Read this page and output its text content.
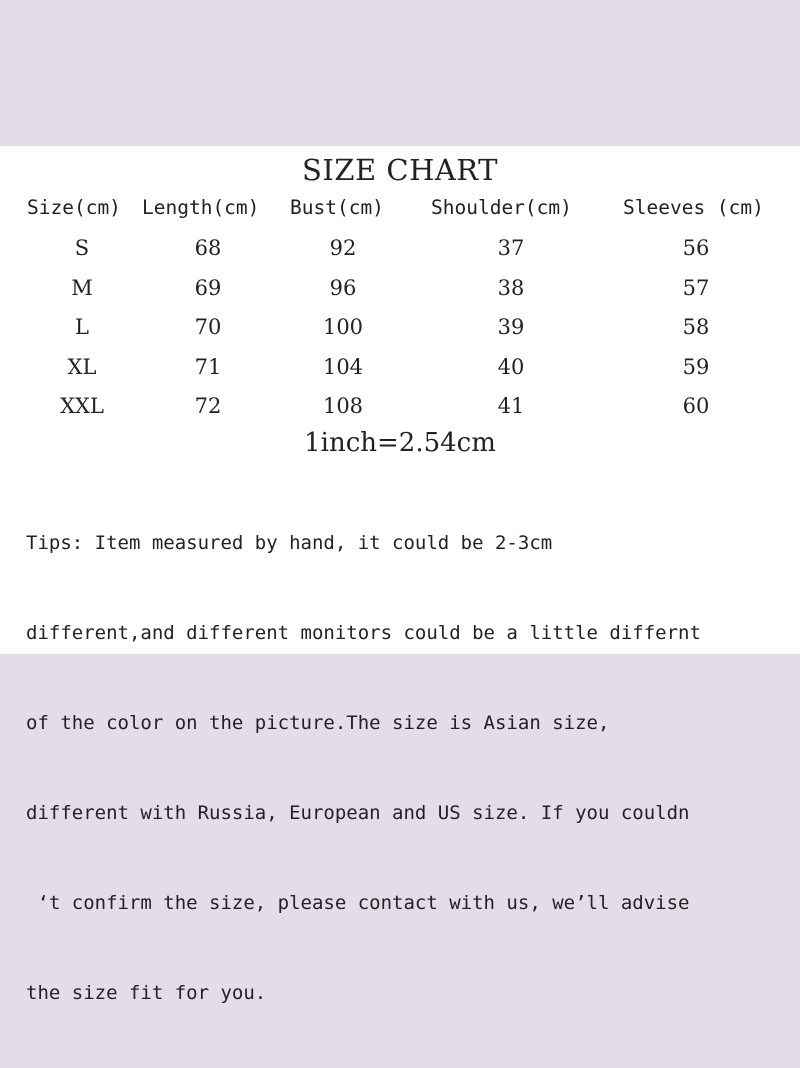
SIZE CHART
Size(cm) Length(cm) Bust(cm) Shoulder(cm)	Sleeves (cm)
S	68	92	37	56
M	69	96	38	57
L	70	100	39	58
XL	71	104	40	59
XXL	72	108	41	60
1inch=2.54cm

Tips: Item measured by hand, it could be 2-3cm

different,and different monitors could be a little differnt

of the color on the picture.The size is Asian size,

different with Russia, European and US size. If you couldn

‘t confirm the size, please contact with us, we’ll advise

the size fit for you.
